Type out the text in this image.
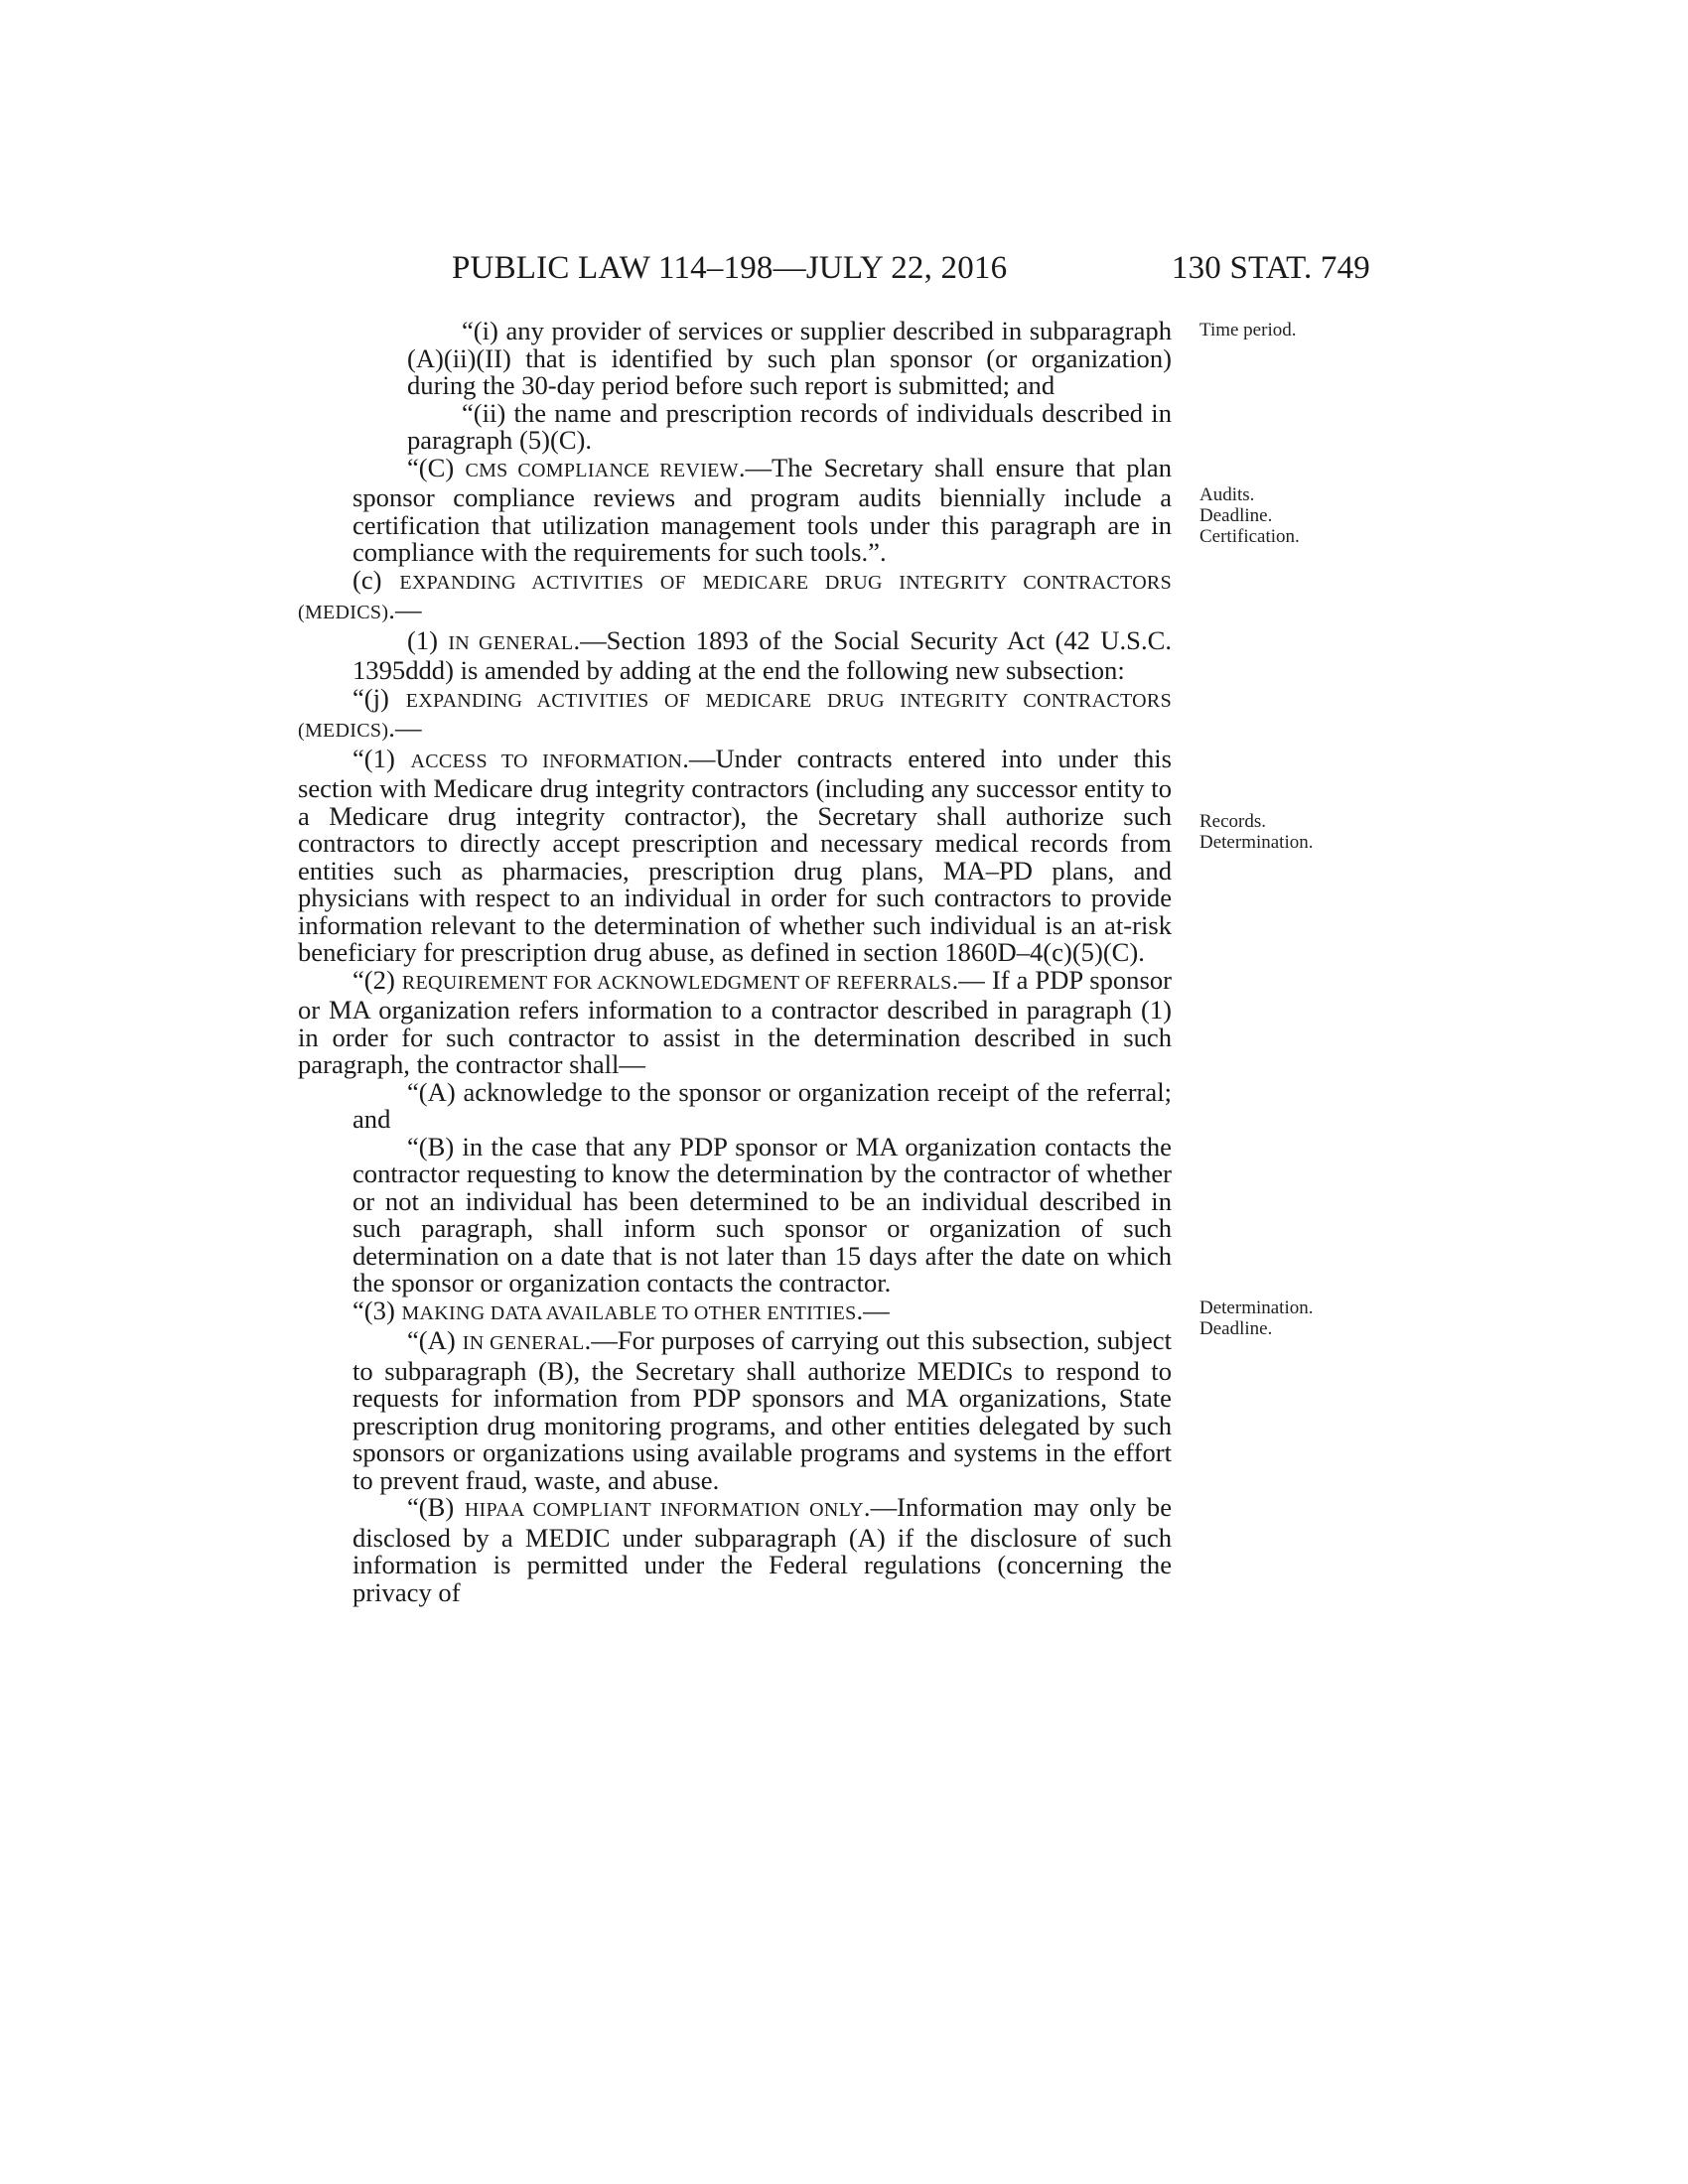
PUBLIC LAW 114–198—JULY 22, 2016	130 STAT. 749

“(i) any provider of services or supplier described in subparagraph (A)(ii)(II) that is identified by such plan sponsor (or organization) during the 30-day period before such report is submitted; and

“(ii) the name and prescription records of individuals described in paragraph (5)(C).

“(C) CMS COMPLIANCE REVIEW.—The Secretary shall ensure that plan sponsor compliance reviews and program audits biennially include a certification that utilization management tools under this paragraph are in compliance with the requirements for such tools.”.

(c) EXPANDING ACTIVITIES OF MEDICARE DRUG INTEGRITY CONTRACTORS (MEDICS).—

(1) IN GENERAL.—Section 1893 of the Social Security Act (42 U.S.C. 1395ddd) is amended by adding at the end the following new subsection:

“(j) EXPANDING ACTIVITIES OF MEDICARE DRUG INTEGRITY CONTRACTORS (MEDICS).—

“(1) ACCESS TO INFORMATION.—Under contracts entered into under this section with Medicare drug integrity contractors (including any successor entity to a Medicare drug integrity contractor), the Secretary shall authorize such contractors to directly accept prescription and necessary medical records from entities such as pharmacies, prescription drug plans, MA–PD plans, and physicians with respect to an individual in order for such contractors to provide information relevant to the determination of whether such individual is an at-risk beneficiary for prescription drug abuse, as defined in section 1860D–4(c)(5)(C).

“(2) REQUIREMENT FOR ACKNOWLEDGMENT OF REFERRALS.— If a PDP sponsor or MA organization refers information to a contractor described in paragraph (1) in order for such contractor to assist in the determination described in such paragraph, the contractor shall—

“(A) acknowledge to the sponsor or organization receipt of the referral; and

“(B) in the case that any PDP sponsor or MA organization contacts the contractor requesting to know the determination by the contractor of whether or not an individual has been determined to be an individual described in such paragraph, shall inform such sponsor or organization of such determination on a date that is not later than 15 days after the date on which the sponsor or organization contacts the contractor.

“(3) MAKING DATA AVAILABLE TO OTHER ENTITIES.—

“(A) IN GENERAL.—For purposes of carrying out this subsection, subject to subparagraph (B), the Secretary shall authorize MEDICs to respond to requests for information from PDP sponsors and MA organizations, State prescription drug monitoring programs, and other entities delegated by such sponsors or organizations using available programs and systems in the effort to prevent fraud, waste, and abuse.

“(B) HIPAA COMPLIANT INFORMATION ONLY.—Information may only be disclosed by a MEDIC under subparagraph (A) if the disclosure of such information is permitted under the Federal regulations (concerning the privacy of

Time period.
Audits.
Deadline.
Certification.
Records.
Determination.
Determination.
Deadline.
